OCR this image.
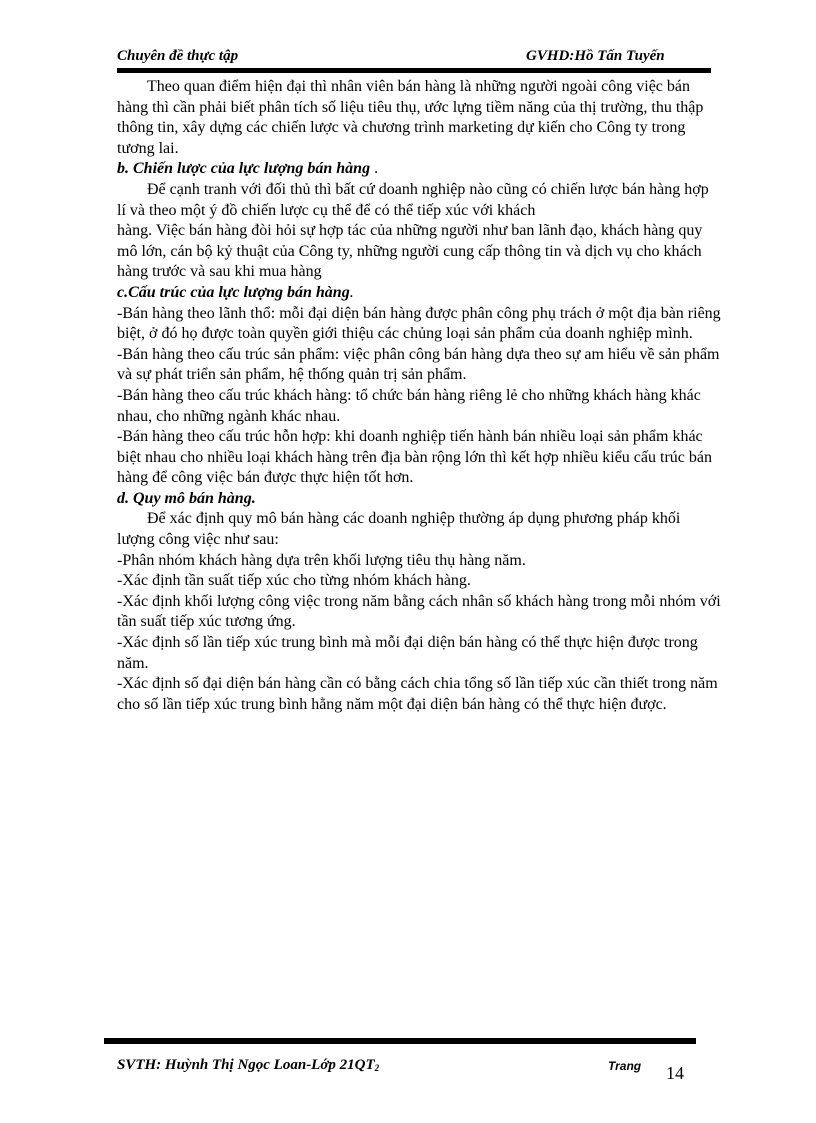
Chuyên đề thực tập	GVHD:Hồ Tấn Tuyến

Theo quan điểm hiện đại thì nhân viên bán hàng là những người ngoài công việc bán hàng thì cần phải biết phân tích số liệu tiêu thụ, ước lựng tiềm năng của thị trường, thu thập thông tin, xây dựng các chiến lược và chương trình marketing dự kiến cho Công ty trong tương lai.

b. Chiến lược của lực lượng bán hàng .

Để cạnh tranh với đối thủ thì bất cứ doanh nghiệp nào cũng có chiến lược bán hàng hợp lí và theo một ý đồ chiến lược cụ thể để có thể tiếp xúc với khách

hàng. Việc bán hàng đòi hỏi sự hợp tác của những người như ban lãnh đạo, khách hàng quy mô lớn, cán bộ kỷ thuật của Công ty, những người cung cấp thông tin và dịch vụ cho khách hàng trước và sau khi mua hàng

c.Cấu trúc của lực lượng bán hàng.

-Bán hàng theo lãnh thổ: mỗi đại diện bán hàng được phân công phụ trách ở một địa bàn riêng biệt, ở đó họ được toàn quyền giới thiệu các chủng loại sản phẩm của doanh nghiệp mình.

-Bán hàng theo cấu trúc sản phẩm: việc phân công bán hàng dựa theo sự am hiểu về sản phẩm và sự phát triển sản phẩm, hệ thống quản trị sản phẩm.

-Bán hàng theo cấu trúc khách hàng: tổ chức bán hàng riêng lẻ cho những khách hàng khác nhau, cho những ngành khác nhau.

-Bán hàng theo cấu trúc hỗn hợp: khi doanh nghiệp tiến hành bán nhiều loại sản phẩm khác biệt nhau cho nhiều loại khách hàng trên địa bàn rộng lớn thì kết hợp nhiều kiểu cấu trúc bán hàng để công việc bán được thực hiện tốt hơn.

d. Quy mô bán hàng.

Để xác định quy mô bán hàng các doanh nghiệp thường áp dụng phương pháp khối lượng công việc như sau:

-Phân nhóm khách hàng dựa trên khối lượng tiêu thụ hàng năm.

-Xác định tần suất tiếp xúc cho từng nhóm khách hàng.

-Xác định khối lượng công việc trong năm bằng cách nhân số khách hàng trong mỗi nhóm với tần suất tiếp xúc tương ứng.

-Xác định số lần tiếp xúc trung bình mà mỗi đại diện bán hàng có thể thực hiện được trong năm.

-Xác định số đại diện bán hàng cần có bằng cách chia tổng số lần tiếp xúc cần thiết trong năm cho số lần tiếp xúc trung bình hằng năm một đại diện bán hàng có thể thực hiện được.

SVTH: Huỳnh Thị Ngọc Loan-Lớp $21QT_2$	Trang 14
